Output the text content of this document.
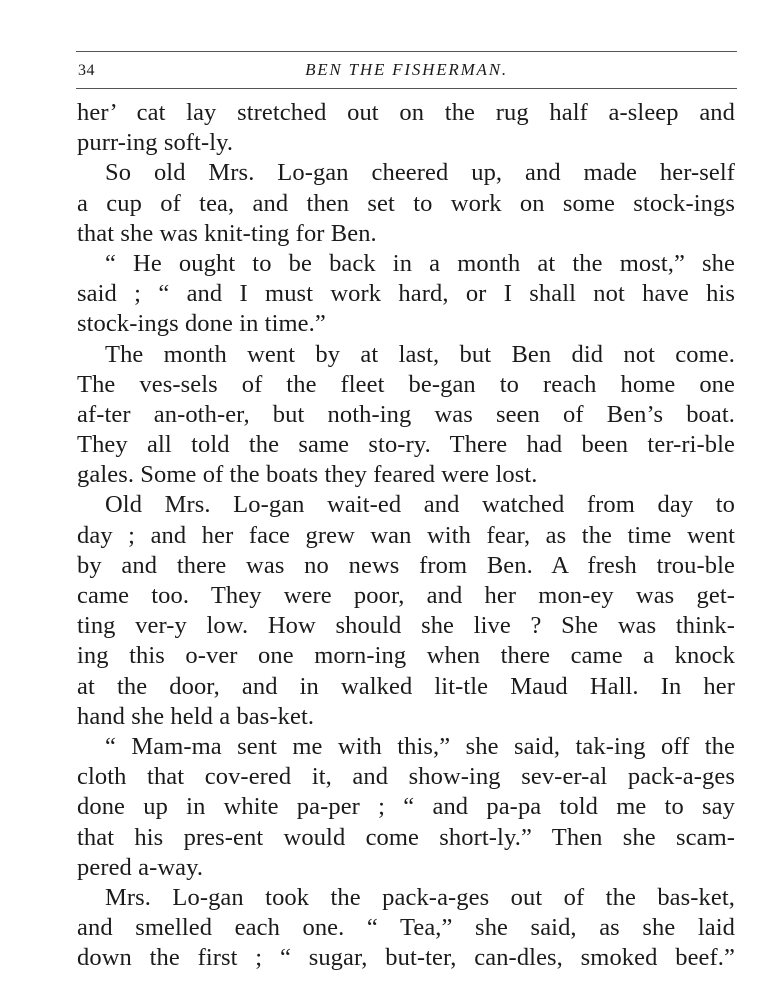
34	BEN THE FISHERMAN.
her’ cat lay stretched out on the rug half a-sleep and
purr-ing soft-ly.
So old Mrs. Lo-gan cheered up, and made her-self
a cup of tea, and then set to work on some stock-ings
that she was knit-ting for Ben.
“ He ought to be back in a month at the most,” she
said ; “ and I must work hard, or I shall not have his
stock-ings done in time.”
The month went by at last, but Ben did not come.
The ves-sels of the fleet be-gan to reach home one
af-ter an-oth-er, but noth-ing was seen of Ben’s boat.
They all told the same sto-ry. There had been ter-ri-ble
gales. Some of the boats they feared were lost.
Old Mrs. Lo-gan wait-ed and watched from day to
day ; and her face grew wan with fear, as the time went
by and there was no news from Ben. A fresh trou-ble
came too. They were poor, and her mon-ey was get-
ting ver-y low. How should she live ? She was think-
ing this o-ver one morn-ing when there came a knock
at the door, and in walked lit-tle Maud Hall. In her
hand she held a bas-ket.
“ Mam-ma sent me with this,” she said, tak-ing off the
cloth that cov-ered it, and show-ing sev-er-al pack-a-ges
done up in white pa-per ; “ and pa-pa told me to say
that his pres-ent would come short-ly.” Then she scam-
pered a-way.
Mrs. Lo-gan took the pack-a-ges out of the bas-ket,
and smelled each one. “ Tea,” she said, as she laid
down the first ; “ sugar, but-ter, can-dles, smoked beef.”
